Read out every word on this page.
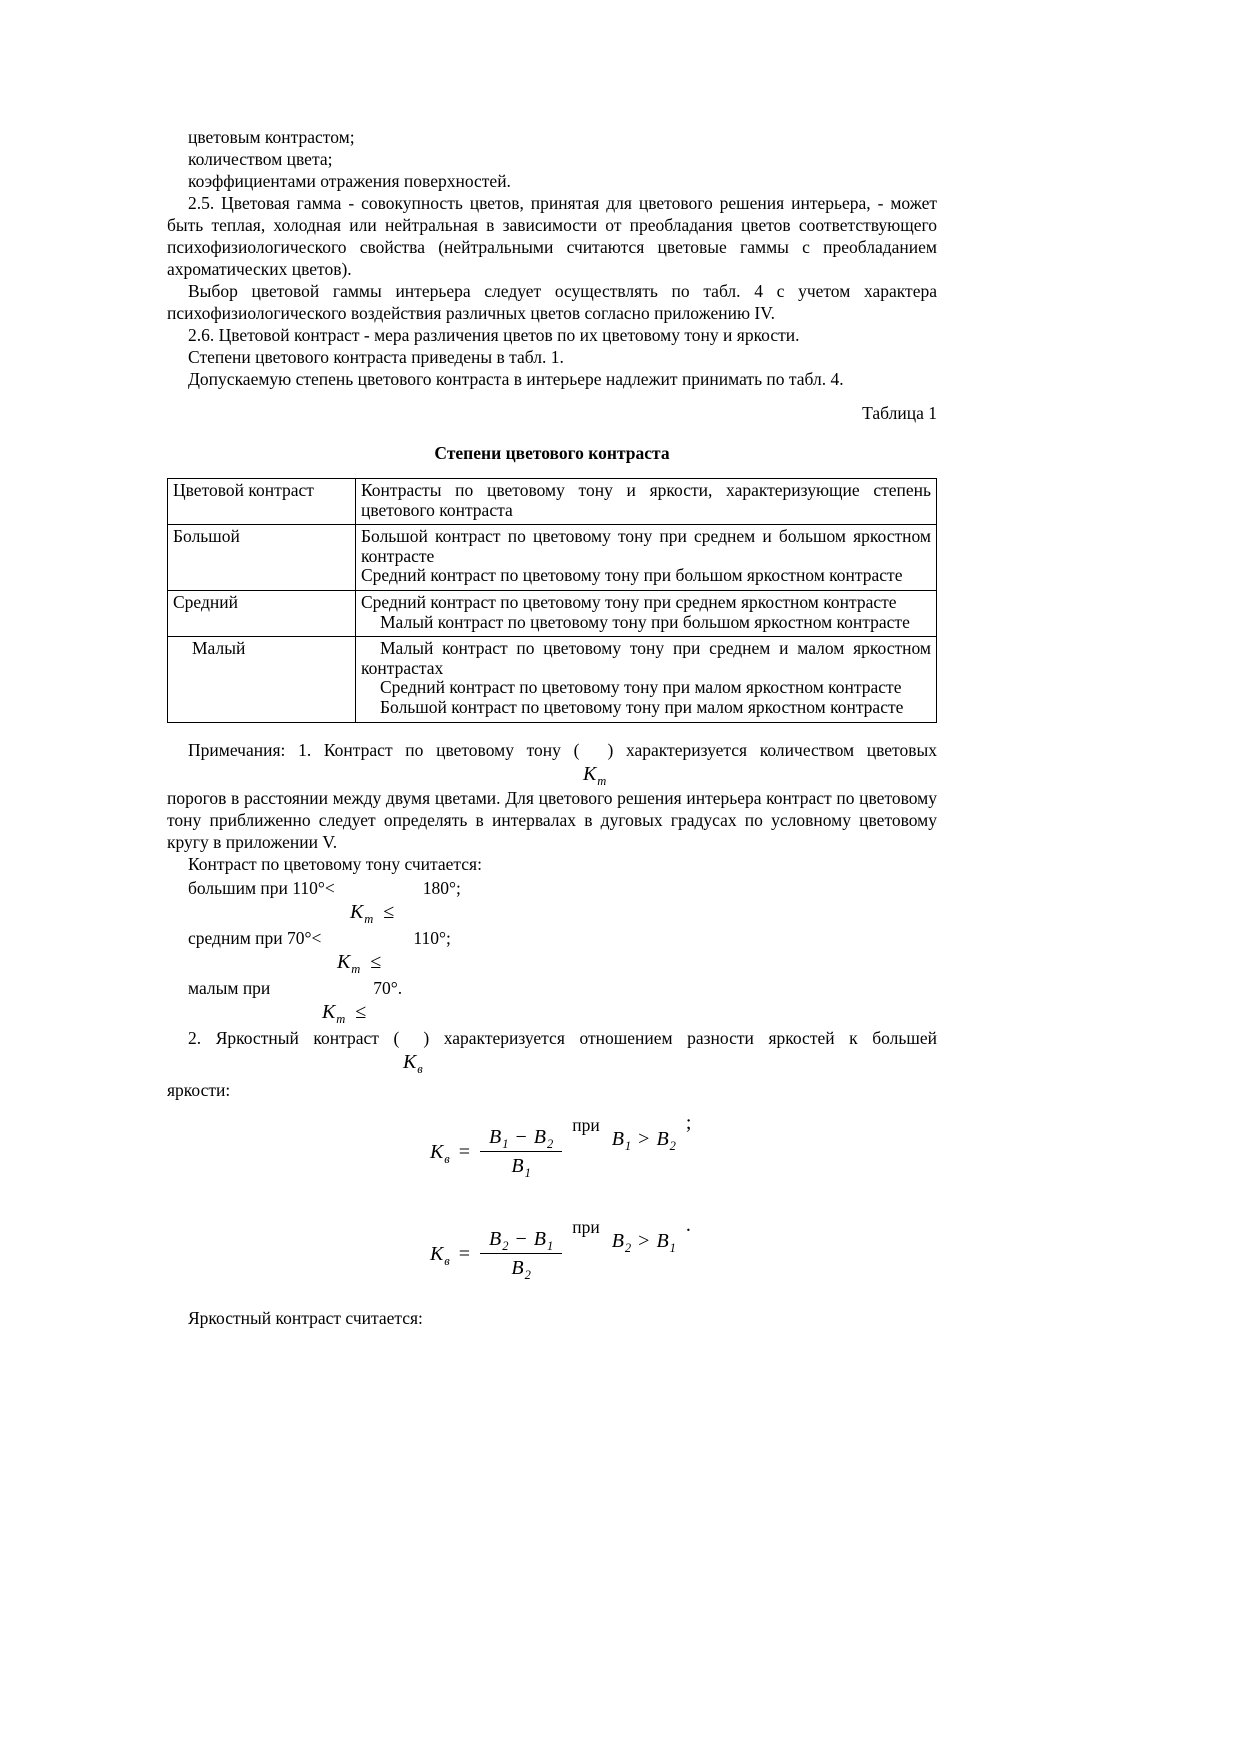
цветовым контрастом;

количеством цвета;

коэффициентами отражения поверхностей.

2.5. Цветовая гамма - совокупность цветов, принятая для цветового решения интерьера, - может быть теплая, холодная или нейтральная в зависимости от преобладания цветов соответствующего психофизиологического свойства (нейтральными считаются цветовые гаммы с преобладанием ахроматических цветов).

Выбор цветовой гаммы интерьера следует осуществлять по табл. 4 с учетом характера психофизиологического воздействия различных цветов согласно приложению IV.

2.6. Цветовой контраст - мера различения цветов по их цветовому тону и яркости.

Степени цветового контраста приведены в табл. 1.

Допускаемую степень цветового контраста в интерьере надлежит принимать по табл. 4.

Таблица 1

Степени цветового контраста

Цветовой контраст	Контрасты по цветовому тону и яркости, характеризующие степень цветового контраста
Большой	Большой контраст по цветовому тону при среднем и большом яркостном контрасте

Средний контраст по цветовому тону при большом яркостном контрасте

Средний	Средний контраст по цветовому тону при среднем яркостном контрасте

Малый контраст по цветовому тону при большом яркостном контрасте

Малый	Малый контраст по цветовому тону при среднем и малом яркостном контрастах

Средний контраст по цветовому тону при малом яркостном контрасте

Большой контраст по цветовому тону при малом яркостном контрасте

Примечания: 1. Контраст по цветовому тону ( ) характеризуется количеством цветовых

$К_т$

порогов в расстоянии между двумя цветами. Для цветового решения интерьера контраст по цветовому тону приближенно следует определять в интервалах в дуговых градусах по условному цветовому кругу в приложении V.

Контраст по цветовому тону считается:

большим при 110°<	180°;

$К_т$ ≤

средним при 70°<	110°;

$К_т$ ≤

малым при	70°.

$К_т$ ≤

2. Яркостный контраст ( ) характеризуется отношением разности яркостей к большей

$К_в$

яркости:

$К_в = \frac{B_1 - B_2}{B_1}$
при
$B_1 > B_2$
;
$К_в = \frac{B_2 - B_1}{B_2}$
при
$B_2 > B_1$
.

Яркостный контраст считается:
